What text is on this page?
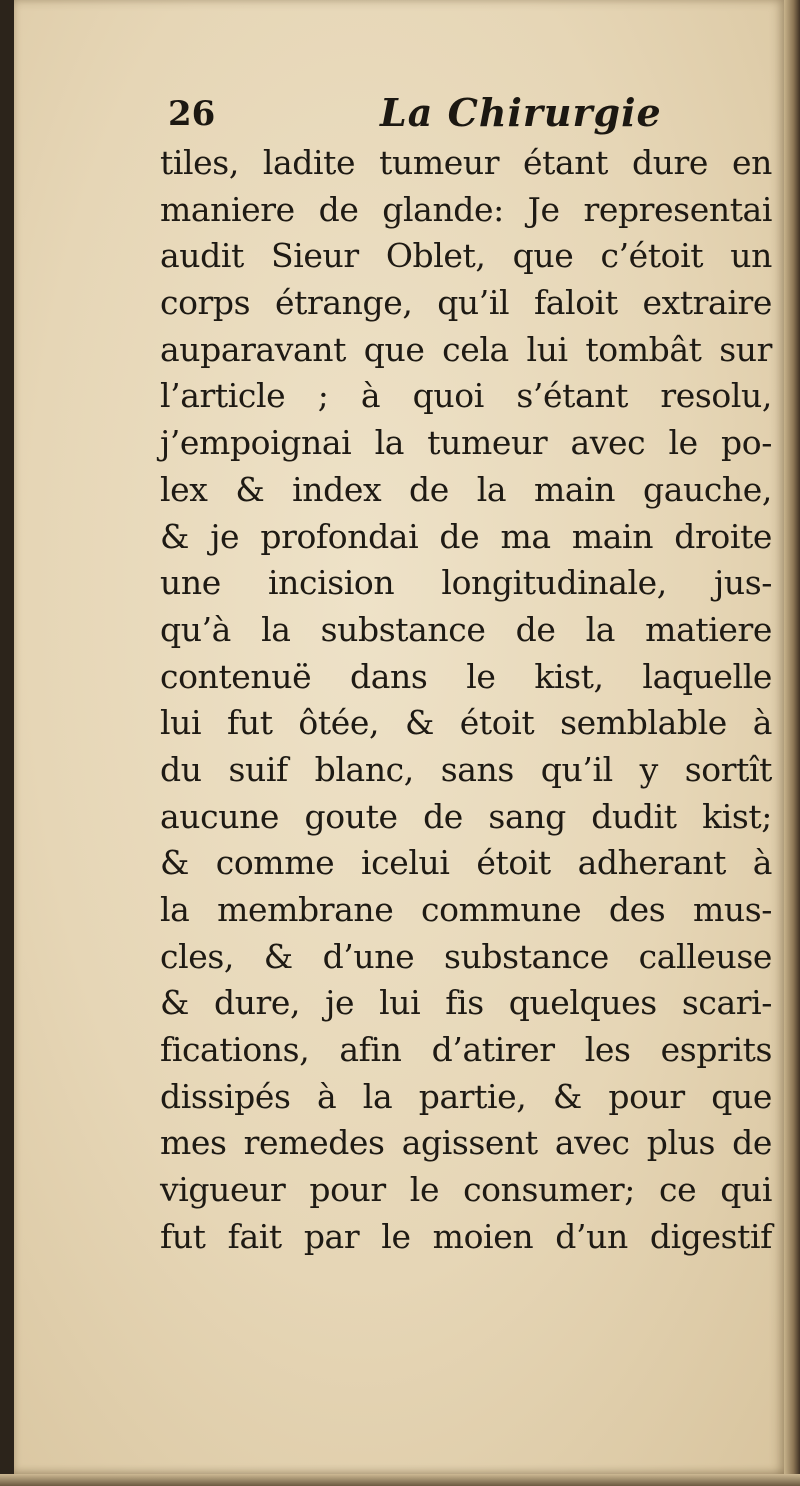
26	La Chirurgie
tiles, ladite tumeur étant dure en
maniere de glande: Je representai
audit Sieur Oblet, que c’étoit un
corps étrange, qu’il faloit extraire
auparavant que cela lui tombât sur
l’article ; à quoi s’étant resolu,
j’empoignai la tumeur avec le po-
lex & index de la main gauche,
& je profondai de ma main droite
une incision longitudinale, jus-
qu’à la substance de la matiere
contenuë dans le kist, laquelle
lui fut ôtée, & étoit semblable à
du suif blanc, sans qu’il y sortît
aucune goute de sang dudit kist;
& comme icelui étoit adherant à
la membrane commune des mus-
cles, & d’une substance calleuse
& dure, je lui fis quelques scari-
fications, afin d’atirer les esprits
dissipés à la partie, & pour que
mes remedes agissent avec plus de
vigueur pour le consumer; ce qui
fut fait par le moien d’un digestif
